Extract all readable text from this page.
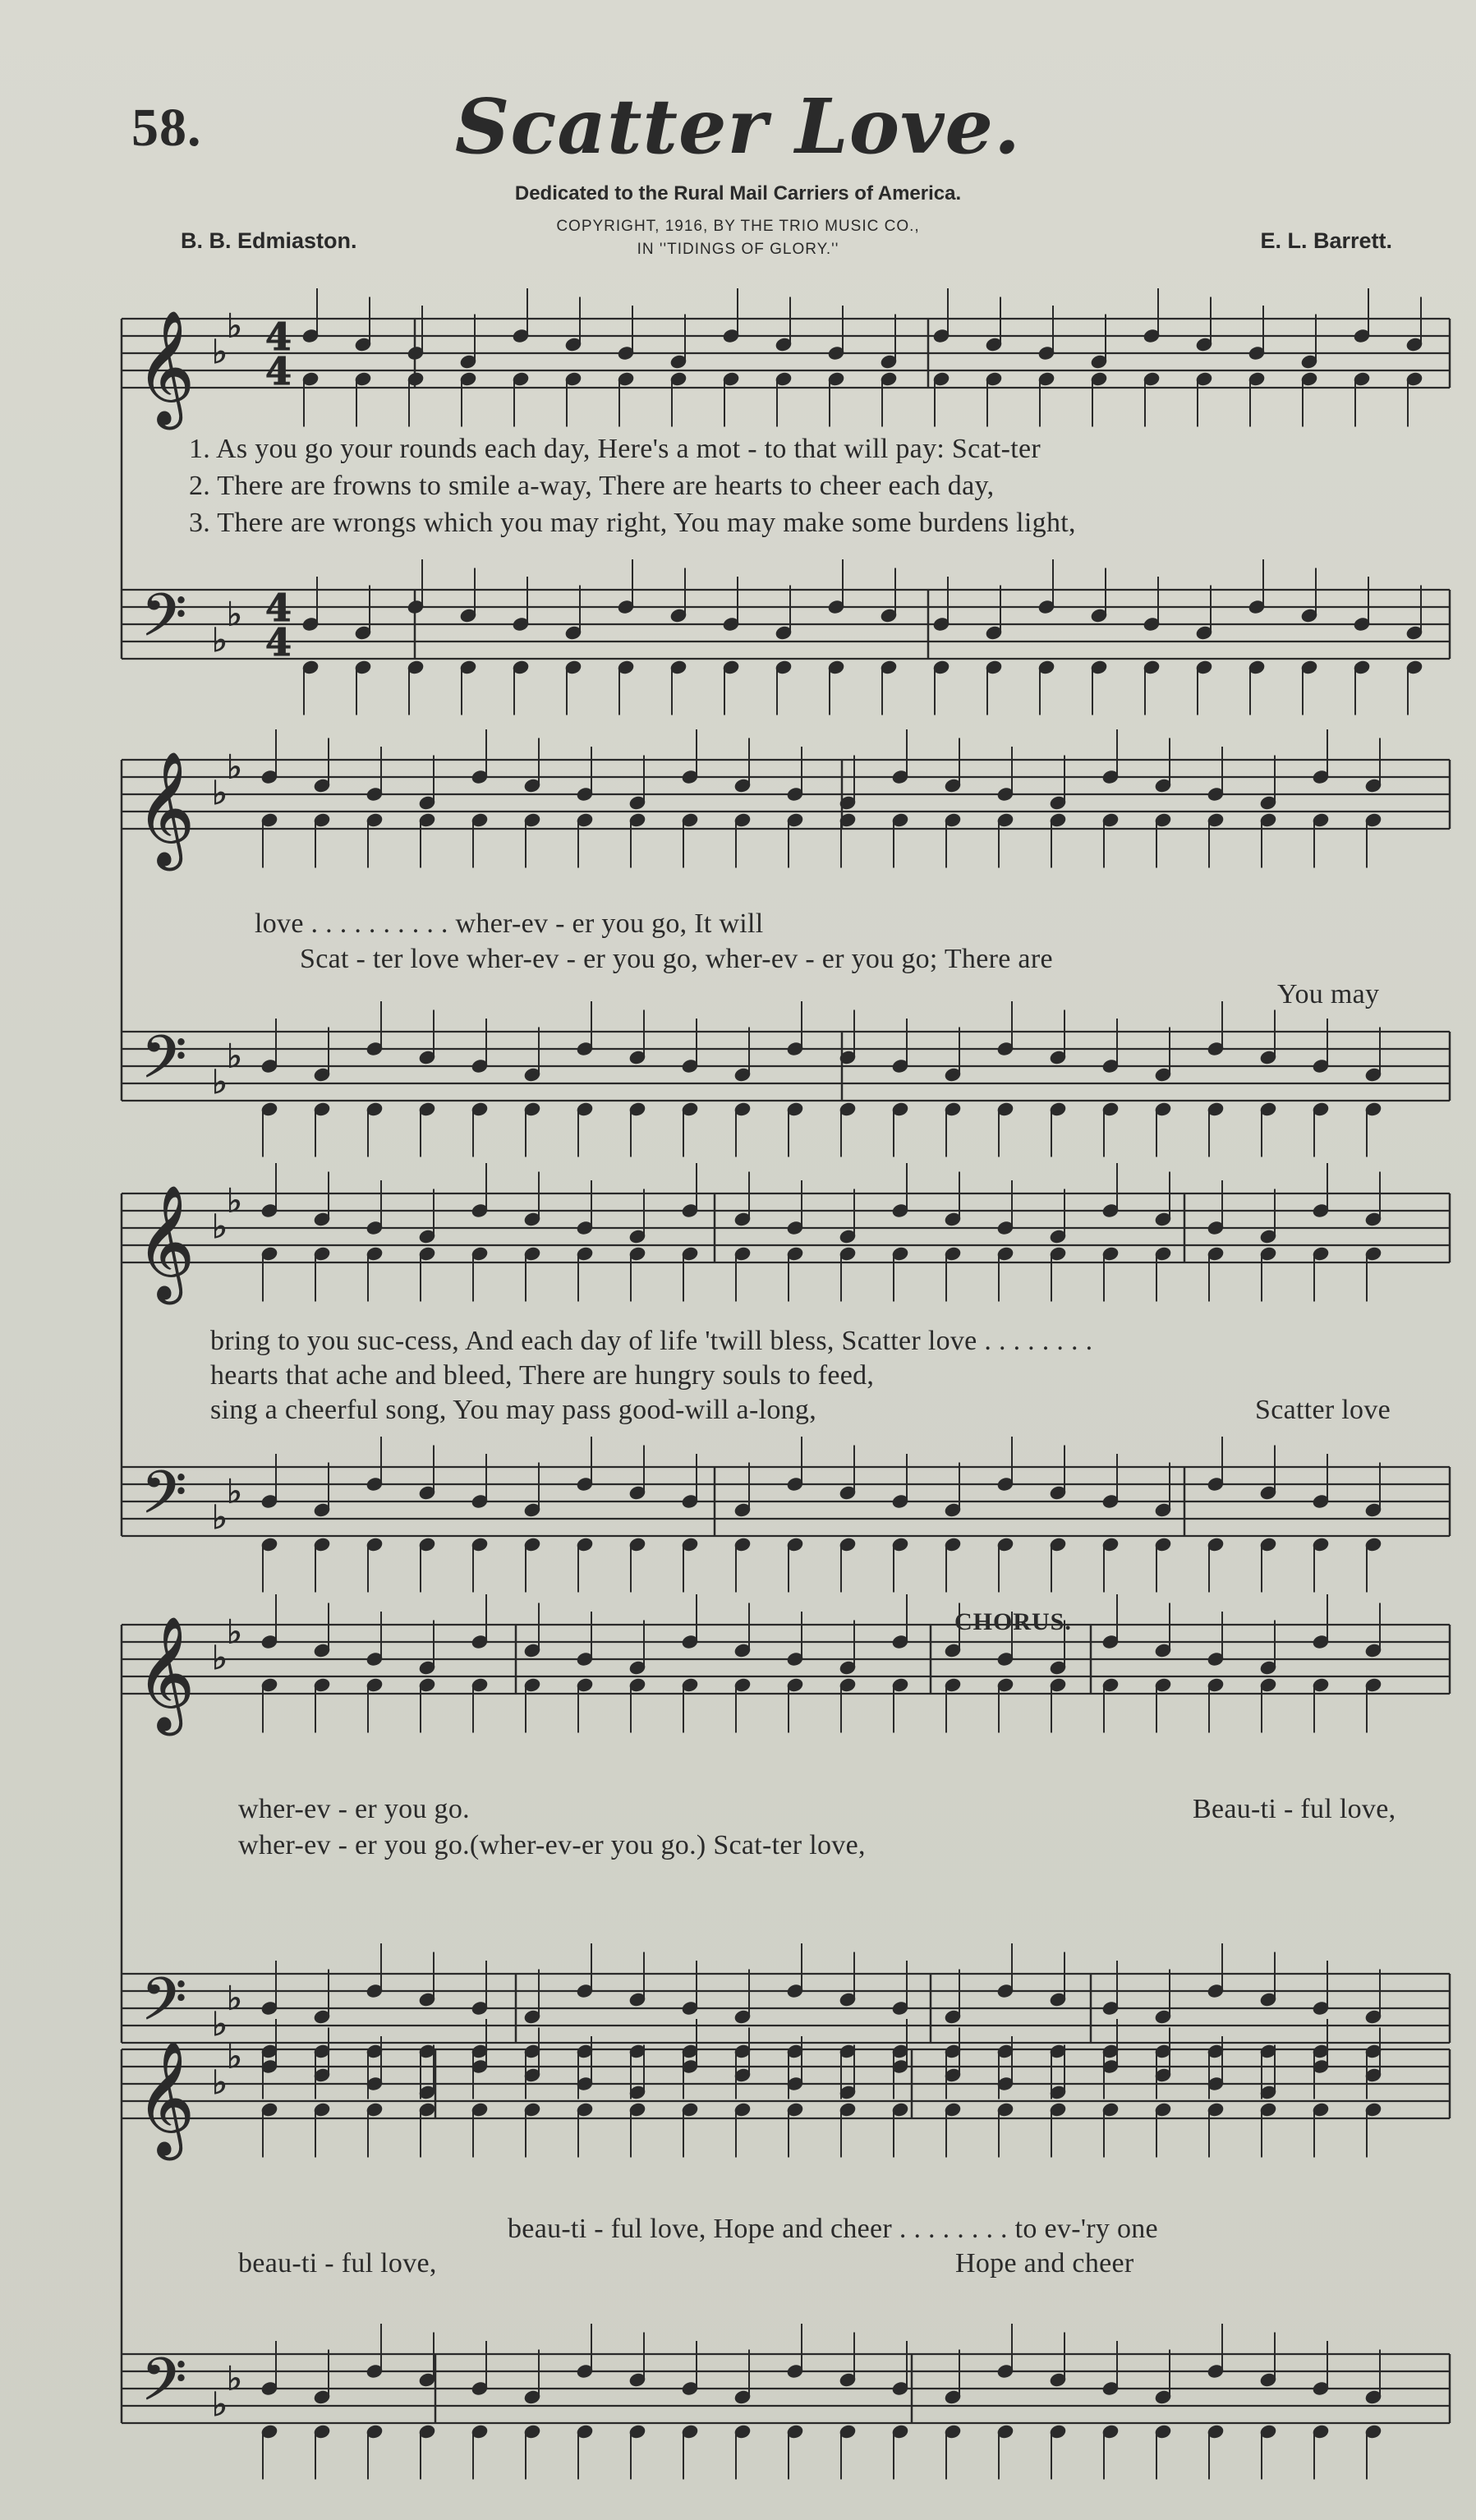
58.	Scatter Love.
Dedicated to the Rural Mail Carriers of America.
COPYRIGHT, 1916, BY THE TRIO MUSIC CO.,
IN ''TIDINGS OF GLORY.''
B. B. Edmiaston.	E. L. Barrett.
𝄞
𝄢
♭
♭
♭
♭
4
4
4
4
𝄞
𝄢
♭
♭
♭
♭
𝄞
𝄢
♭
♭
♭
♭
𝄞
𝄢
♭
♭
♭
♭
𝄞
𝄢
♭
♭
♭
♭
1. As you go your rounds each day, Here's a mot - to that will pay: Scat-ter
2. There are frowns to smile a-way, There are hearts to cheer each day,
3. There are wrongs which you may right, You may make some burdens light,
love . . . . . . . . . . wher-ev - er you go, It will
Scat - ter love wher-ev - er you go, wher-ev - er you go; There are
You may
bring to you suc-cess, And each day of life 'twill bless, Scatter love . . . . . . . .
hearts that ache and bleed, There are hungry souls to feed,
sing a cheerful song, You may pass good-will a-long,	Scatter love
CHORUS.
wher-ev - er you go.	Beau-ti - ful love,
wher-ev - er you go.(wher-ev-er you go.) Scat-ter love,
beau-ti - ful love, Hope and cheer . . . . . . . . to ev-'ry one
beau-ti - ful love,	Hope and cheer
